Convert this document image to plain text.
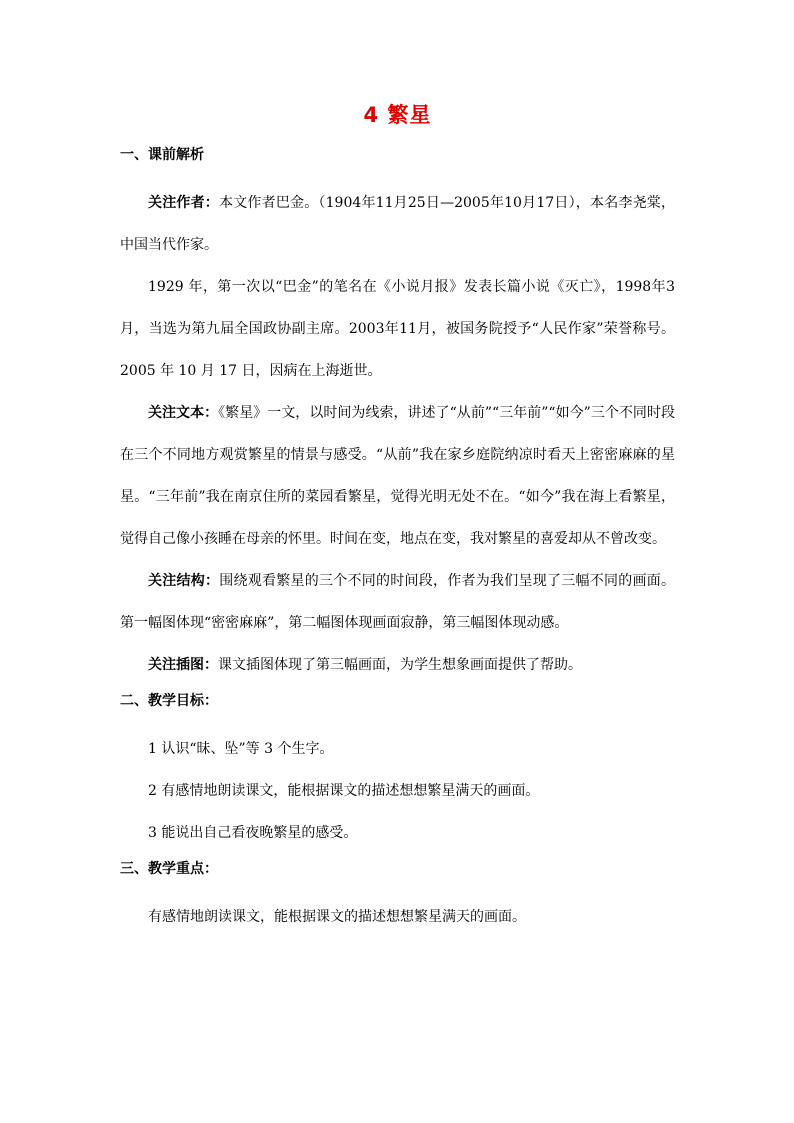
4 繁星
一、课前解析

关注作者：本文作者巴金。（1904年11月25日—2005年10月17日），本名李尧棠，中国当代作家。

1929 年，第一次以“巴金”的笔名在《小说月报》发表长篇小说《灭亡》，1998年3月，当选为第九届全国政协副主席。2003年11月，被国务院授予“人民作家”荣誉称号。2005 年 10 月 17 日，因病在上海逝世。

关注文本：《繁星》一文，以时间为线索，讲述了“从前”“三年前”“如今”三个不同时段在三个不同地方观赏繁星的情景与感受。“从前”我在家乡庭院纳凉时看天上密密麻麻的星星。“三年前”我在南京住所的菜园看繁星，觉得光明无处不在。“如今”我在海上看繁星，觉得自己像小孩睡在母亲的怀里。时间在变，地点在变，我对繁星的喜爱却从不曾改变。

关注结构：围绕观看繁星的三个不同的时间段，作者为我们呈现了三幅不同的画面。第一幅图体现“密密麻麻”，第二幅图体现画面寂静，第三幅图体现动感。

关注插图：课文插图体现了第三幅画面，为学生想象画面提供了帮助。

二、教学目标：

1 认识“昧、坠”等 3 个生字。

2 有感情地朗读课文，能根据课文的描述想想繁星满天的画面。

3 能说出自己看夜晚繁星的感受。

三、教学重点：

有感情地朗读课文，能根据课文的描述想想繁星满天的画面。
